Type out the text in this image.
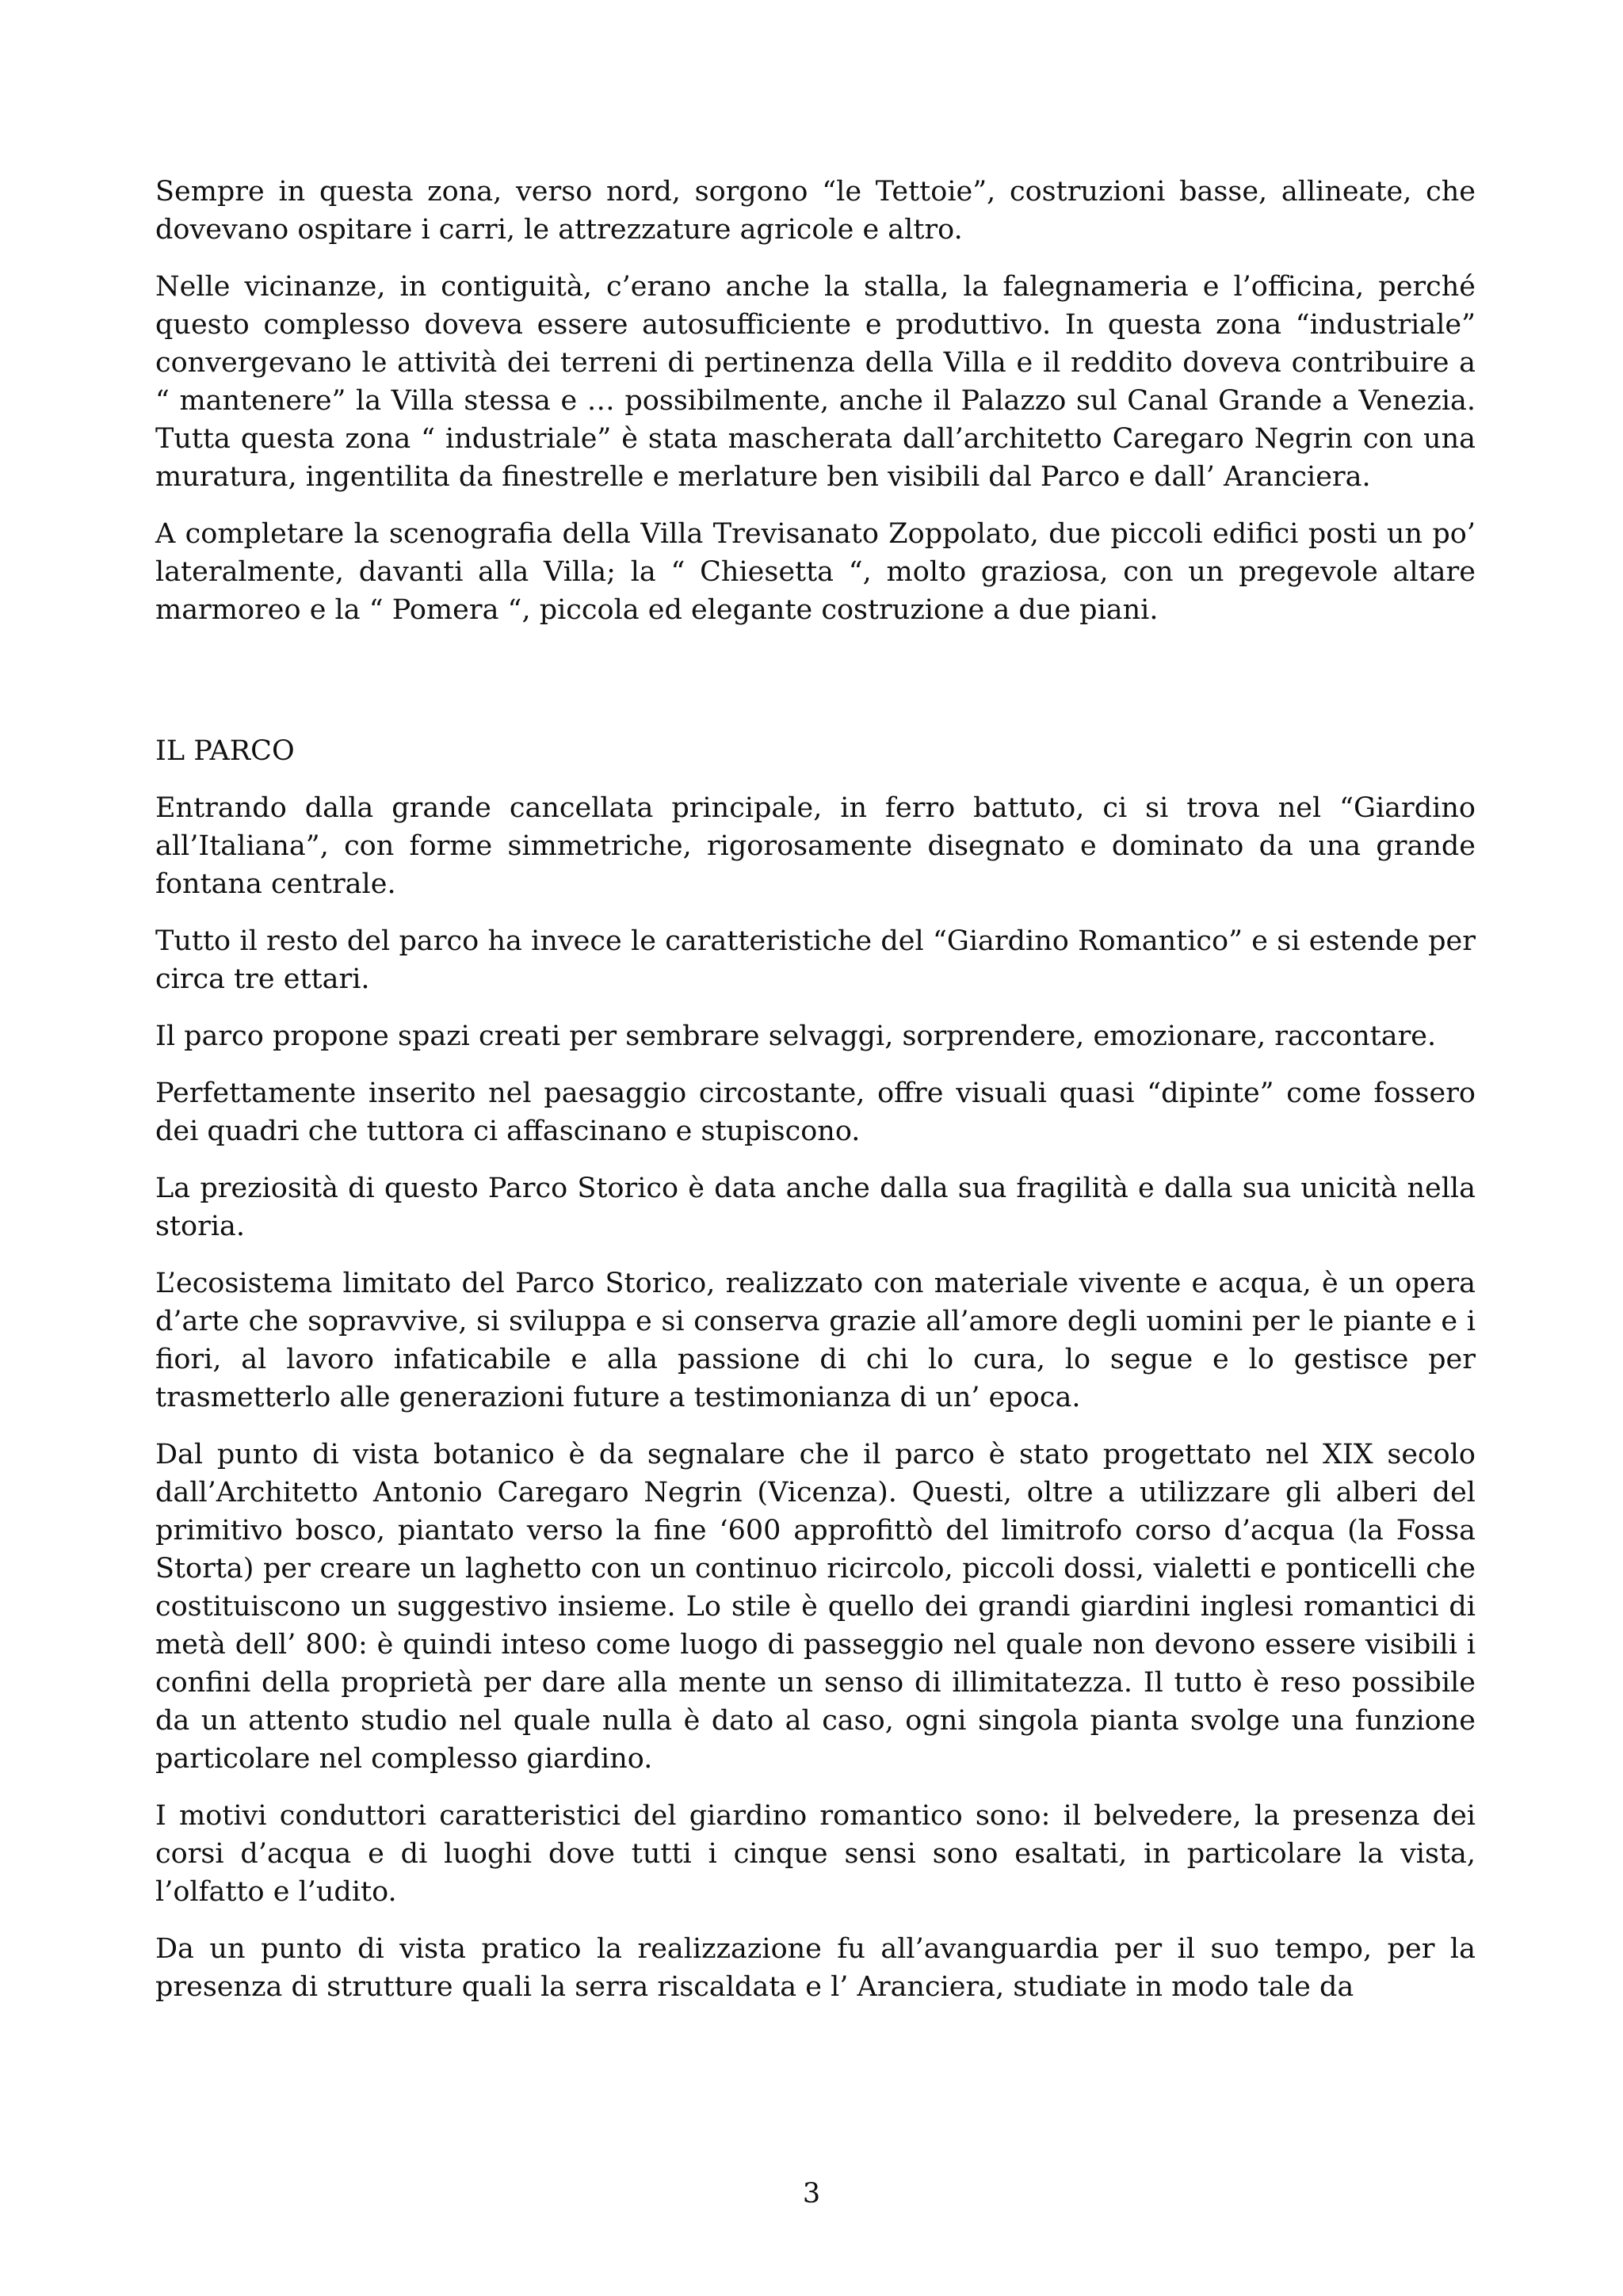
Sempre in questa zona, verso nord, sorgono “le Tettoie”, costruzioni basse, allineate, che dovevano ospitare i carri, le attrezzature agricole e altro.

Nelle vicinanze, in contiguità, c’erano anche la stalla, la falegnameria e l’officina, perché questo complesso doveva essere autosufficiente e produttivo. In questa zona “industriale” convergevano le attività dei terreni di pertinenza della Villa e il reddito doveva contribuire a “ mantenere” la Villa stessa e … possibilmente, anche il Palazzo sul Canal Grande a Venezia. Tutta questa zona “ industriale” è stata mascherata dall’architetto Caregaro Negrin con una muratura, ingentilita da finestrelle e merlature ben visibili dal Parco e dall’ Aranciera.

A completare la scenografia della Villa Trevisanato Zoppolato, due piccoli edifici posti un po’ lateralmente, davanti alla Villa; la “ Chiesetta “, molto graziosa, con un pregevole altare marmoreo e la “ Pomera “, piccola ed elegante costruzione a due piani.

IL PARCO

Entrando dalla grande cancellata principale, in ferro battuto, ci si trova nel “Giardino all’Italiana”, con forme simmetriche, rigorosamente disegnato e dominato da una grande fontana centrale.

Tutto il resto del parco ha invece le caratteristiche del “Giardino Romantico” e si estende per circa tre ettari.

Il parco propone spazi creati per sembrare selvaggi, sorprendere, emozionare, raccontare.

Perfettamente inserito nel paesaggio circostante, offre visuali quasi “dipinte” come fossero dei quadri che tuttora ci affascinano e stupiscono.

La preziosità di questo Parco Storico è data anche dalla sua fragilità e dalla sua unicità nella storia.

L’ecosistema limitato del Parco Storico, realizzato con materiale vivente e acqua, è un opera d’arte che sopravvive, si sviluppa e si conserva grazie all’amore degli uomini per le piante e i fiori, al lavoro infaticabile e alla passione di chi lo cura, lo segue e lo gestisce per trasmetterlo alle generazioni future a testimonianza di un’ epoca.

Dal punto di vista botanico è da segnalare che il parco è stato progettato nel XIX secolo dall’Architetto Antonio Caregaro Negrin (Vicenza). Questi, oltre a utilizzare gli alberi del primitivo bosco, piantato verso la fine ‘600 approfittò del limitrofo corso d’acqua (la Fossa Storta) per creare un laghetto con un continuo ricircolo, piccoli dossi, vialetti e ponticelli che costituiscono un suggestivo insieme. Lo stile è quello dei grandi giardini inglesi romantici di metà dell’ 800: è quindi inteso come luogo di passeggio nel quale non devono essere visibili i confini della proprietà per dare alla mente un senso di illimitatezza. Il tutto è reso possibile da un attento studio nel quale nulla è dato al caso, ogni singola pianta svolge una funzione particolare nel complesso giardino.

I motivi conduttori caratteristici del giardino romantico sono: il belvedere, la presenza dei corsi d’acqua e di luoghi dove tutti i cinque sensi sono esaltati, in particolare la vista, l’olfatto e l’udito.

Da un punto di vista pratico la realizzazione fu all’avanguardia per il suo tempo, per la presenza di strutture quali la serra riscaldata e l’ Aranciera, studiate in modo tale da

3
